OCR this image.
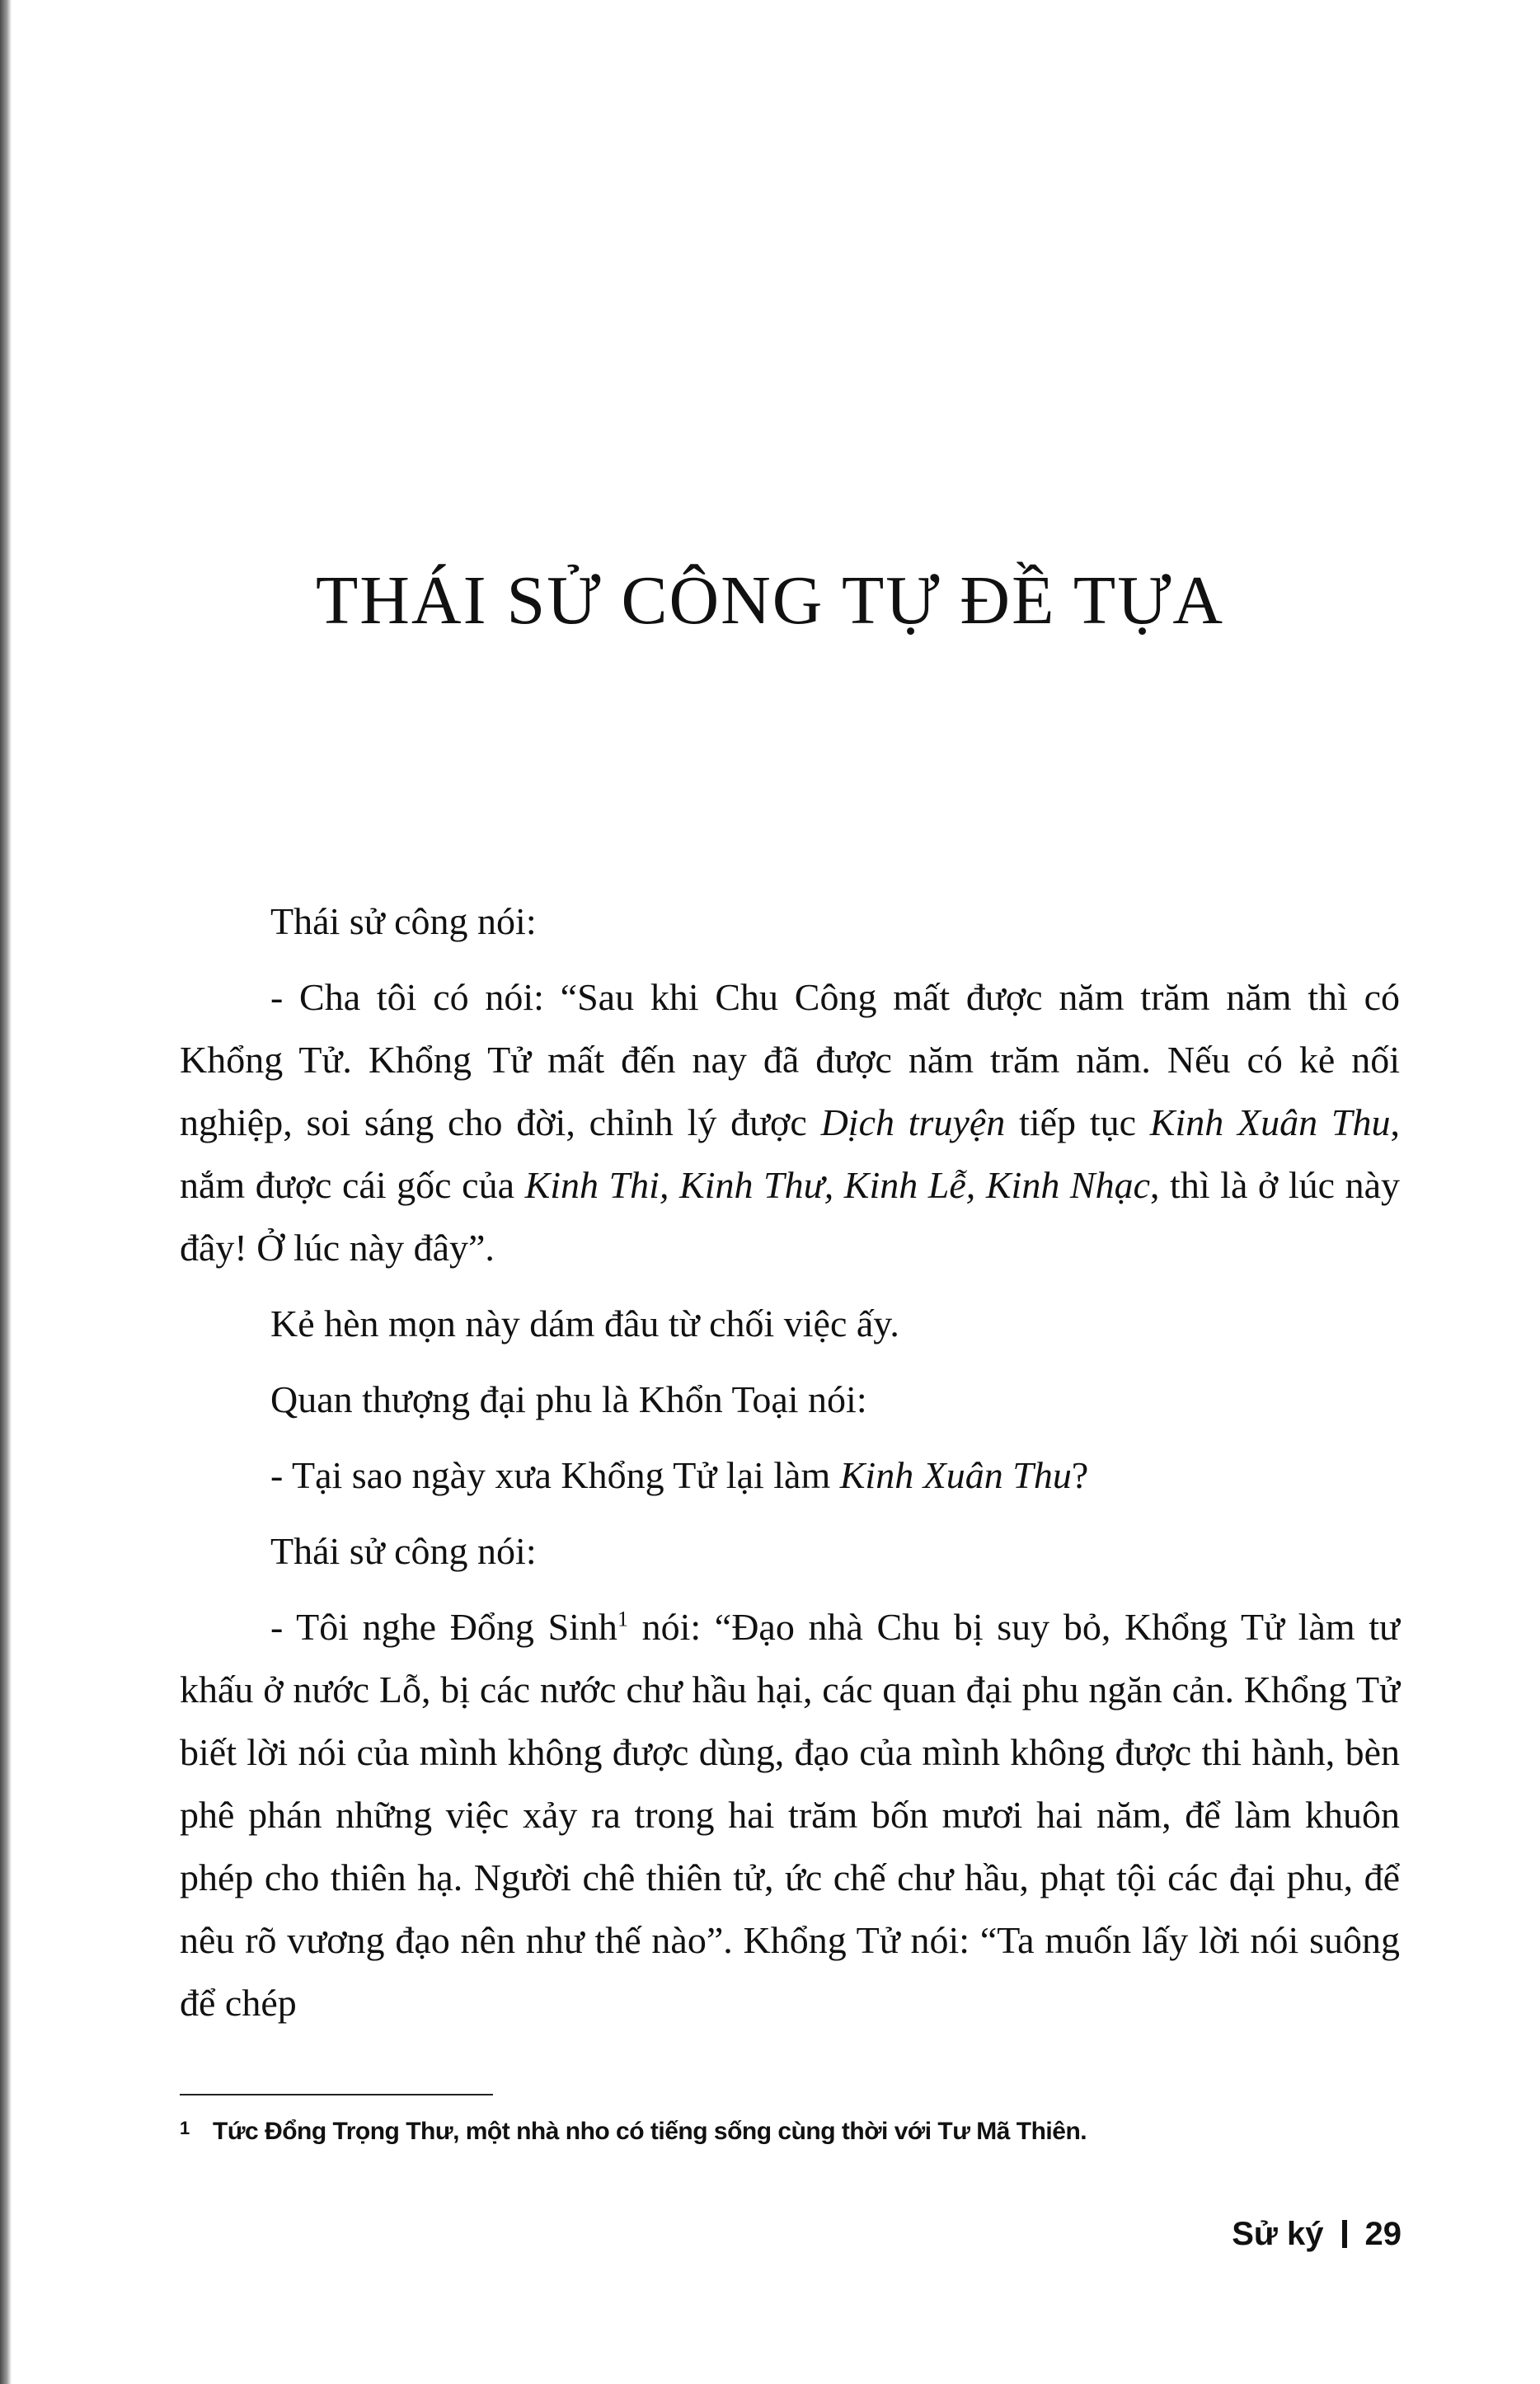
THÁI SỬ CÔNG TỰ ĐỀ TỰA

Thái sử công nói:

- Cha tôi có nói: “Sau khi Chu Công mất được năm trăm năm thì có Khổng Tử. Khổng Tử mất đến nay đã được năm trăm năm. Nếu có kẻ nối nghiệp, soi sáng cho đời, chỉnh lý được Dịch truyện tiếp tục Kinh Xuân Thu, nắm được cái gốc của Kinh Thi, Kinh Thư, Kinh Lễ, Kinh Nhạc, thì là ở lúc này đây! Ở lúc này đây”.

Kẻ hèn mọn này dám đâu từ chối việc ấy.

Quan thượng đại phu là Khổn Toại nói:

- Tại sao ngày xưa Khổng Tử lại làm Kinh Xuân Thu?

Thái sử công nói:

- Tôi nghe Đổng Sinh$^1$ nói: “Đạo nhà Chu bị suy bỏ, Khổng Tử làm tư khấu ở nước Lỗ, bị các nước chư hầu hại, các quan đại phu ngăn cản. Khổng Tử biết lời nói của mình không được dùng, đạo của mình không được thi hành, bèn phê phán những việc xảy ra trong hai trăm bốn mươi hai năm, để làm khuôn phép cho thiên hạ. Người chê thiên tử, ức chế chư hầu, phạt tội các đại phu, để nêu rõ vương đạo nên như thế nào”. Khổng Tử nói: “Ta muốn lấy lời nói suông để chép

1 Tức Đổng Trọng Thư, một nhà nho có tiếng sống cùng thời với Tư Mã Thiên.
Sử ký 29
